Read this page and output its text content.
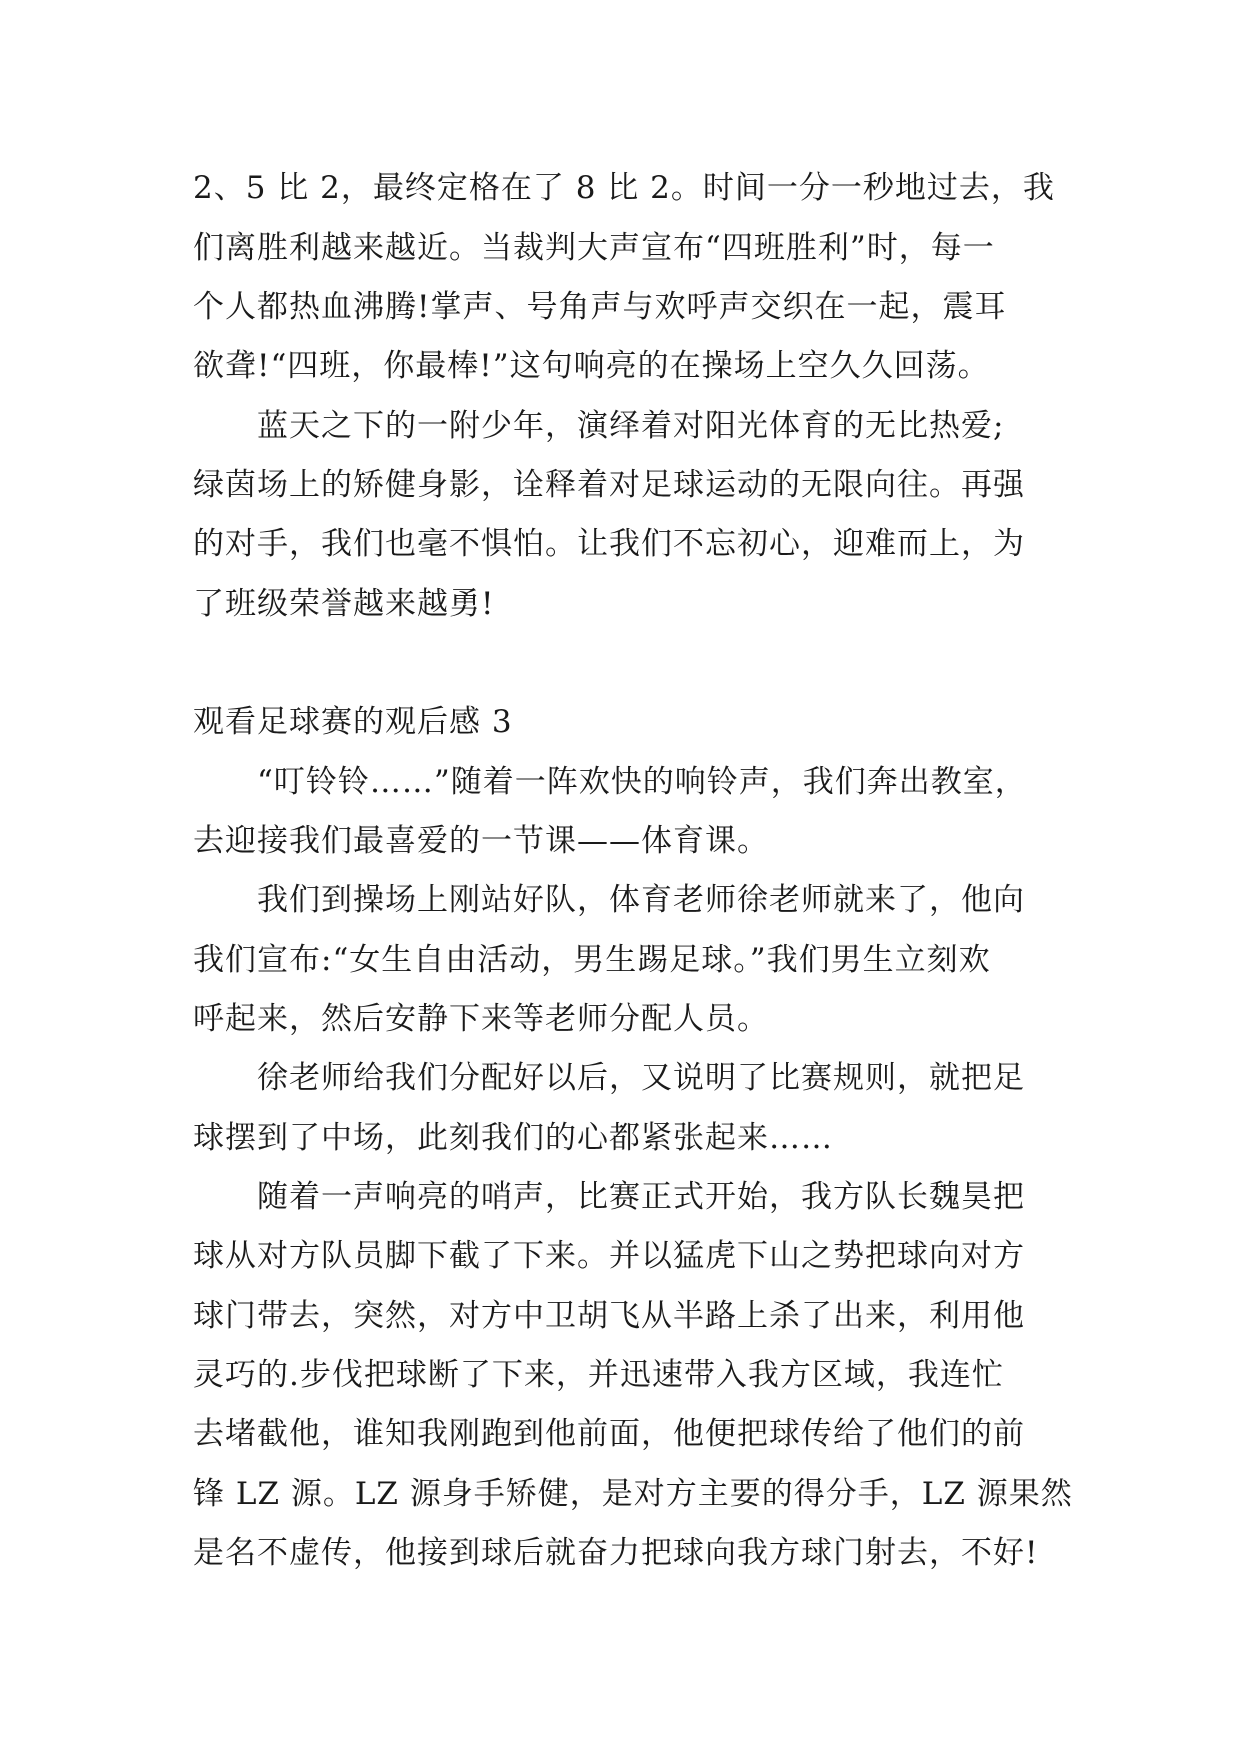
2、5 比 2，最终定格在了 8 比 2。时间一分一秒地过去，我
们离胜利越来越近。当裁判大声宣布“四班胜利”时，每一
个人都热血沸腾!掌声、号角声与欢呼声交织在一起，震耳
欲聋!“四班，你最棒!”这句响亮的在操场上空久久回荡。
蓝天之下的一附少年，演绎着对阳光体育的无比热爱;
绿茵场上的矫健身影，诠释着对足球运动的无限向往。再强
的对手，我们也毫不惧怕。让我们不忘初心，迎难而上，为
了班级荣誉越来越勇!
观看足球赛的观后感 3
“叮铃铃……”随着一阵欢快的响铃声，我们奔出教室，
去迎接我们最喜爱的一节课——体育课。
我们到操场上刚站好队，体育老师徐老师就来了，他向
我们宣布:“女生自由活动，男生踢足球。”我们男生立刻欢
呼起来，然后安静下来等老师分配人员。
徐老师给我们分配好以后，又说明了比赛规则，就把足
球摆到了中场，此刻我们的心都紧张起来……
随着一声响亮的哨声，比赛正式开始，我方队长魏昊把
球从对方队员脚下截了下来。并以猛虎下山之势把球向对方
球门带去，突然，对方中卫胡飞从半路上杀了出来，利用他
灵巧的.步伐把球断了下来，并迅速带入我方区域，我连忙
去堵截他，谁知我刚跑到他前面，他便把球传给了他们的前
锋 LZ 源。LZ 源身手矫健，是对方主要的得分手，LZ 源果然
是名不虚传，他接到球后就奋力把球向我方球门射去，不好!
